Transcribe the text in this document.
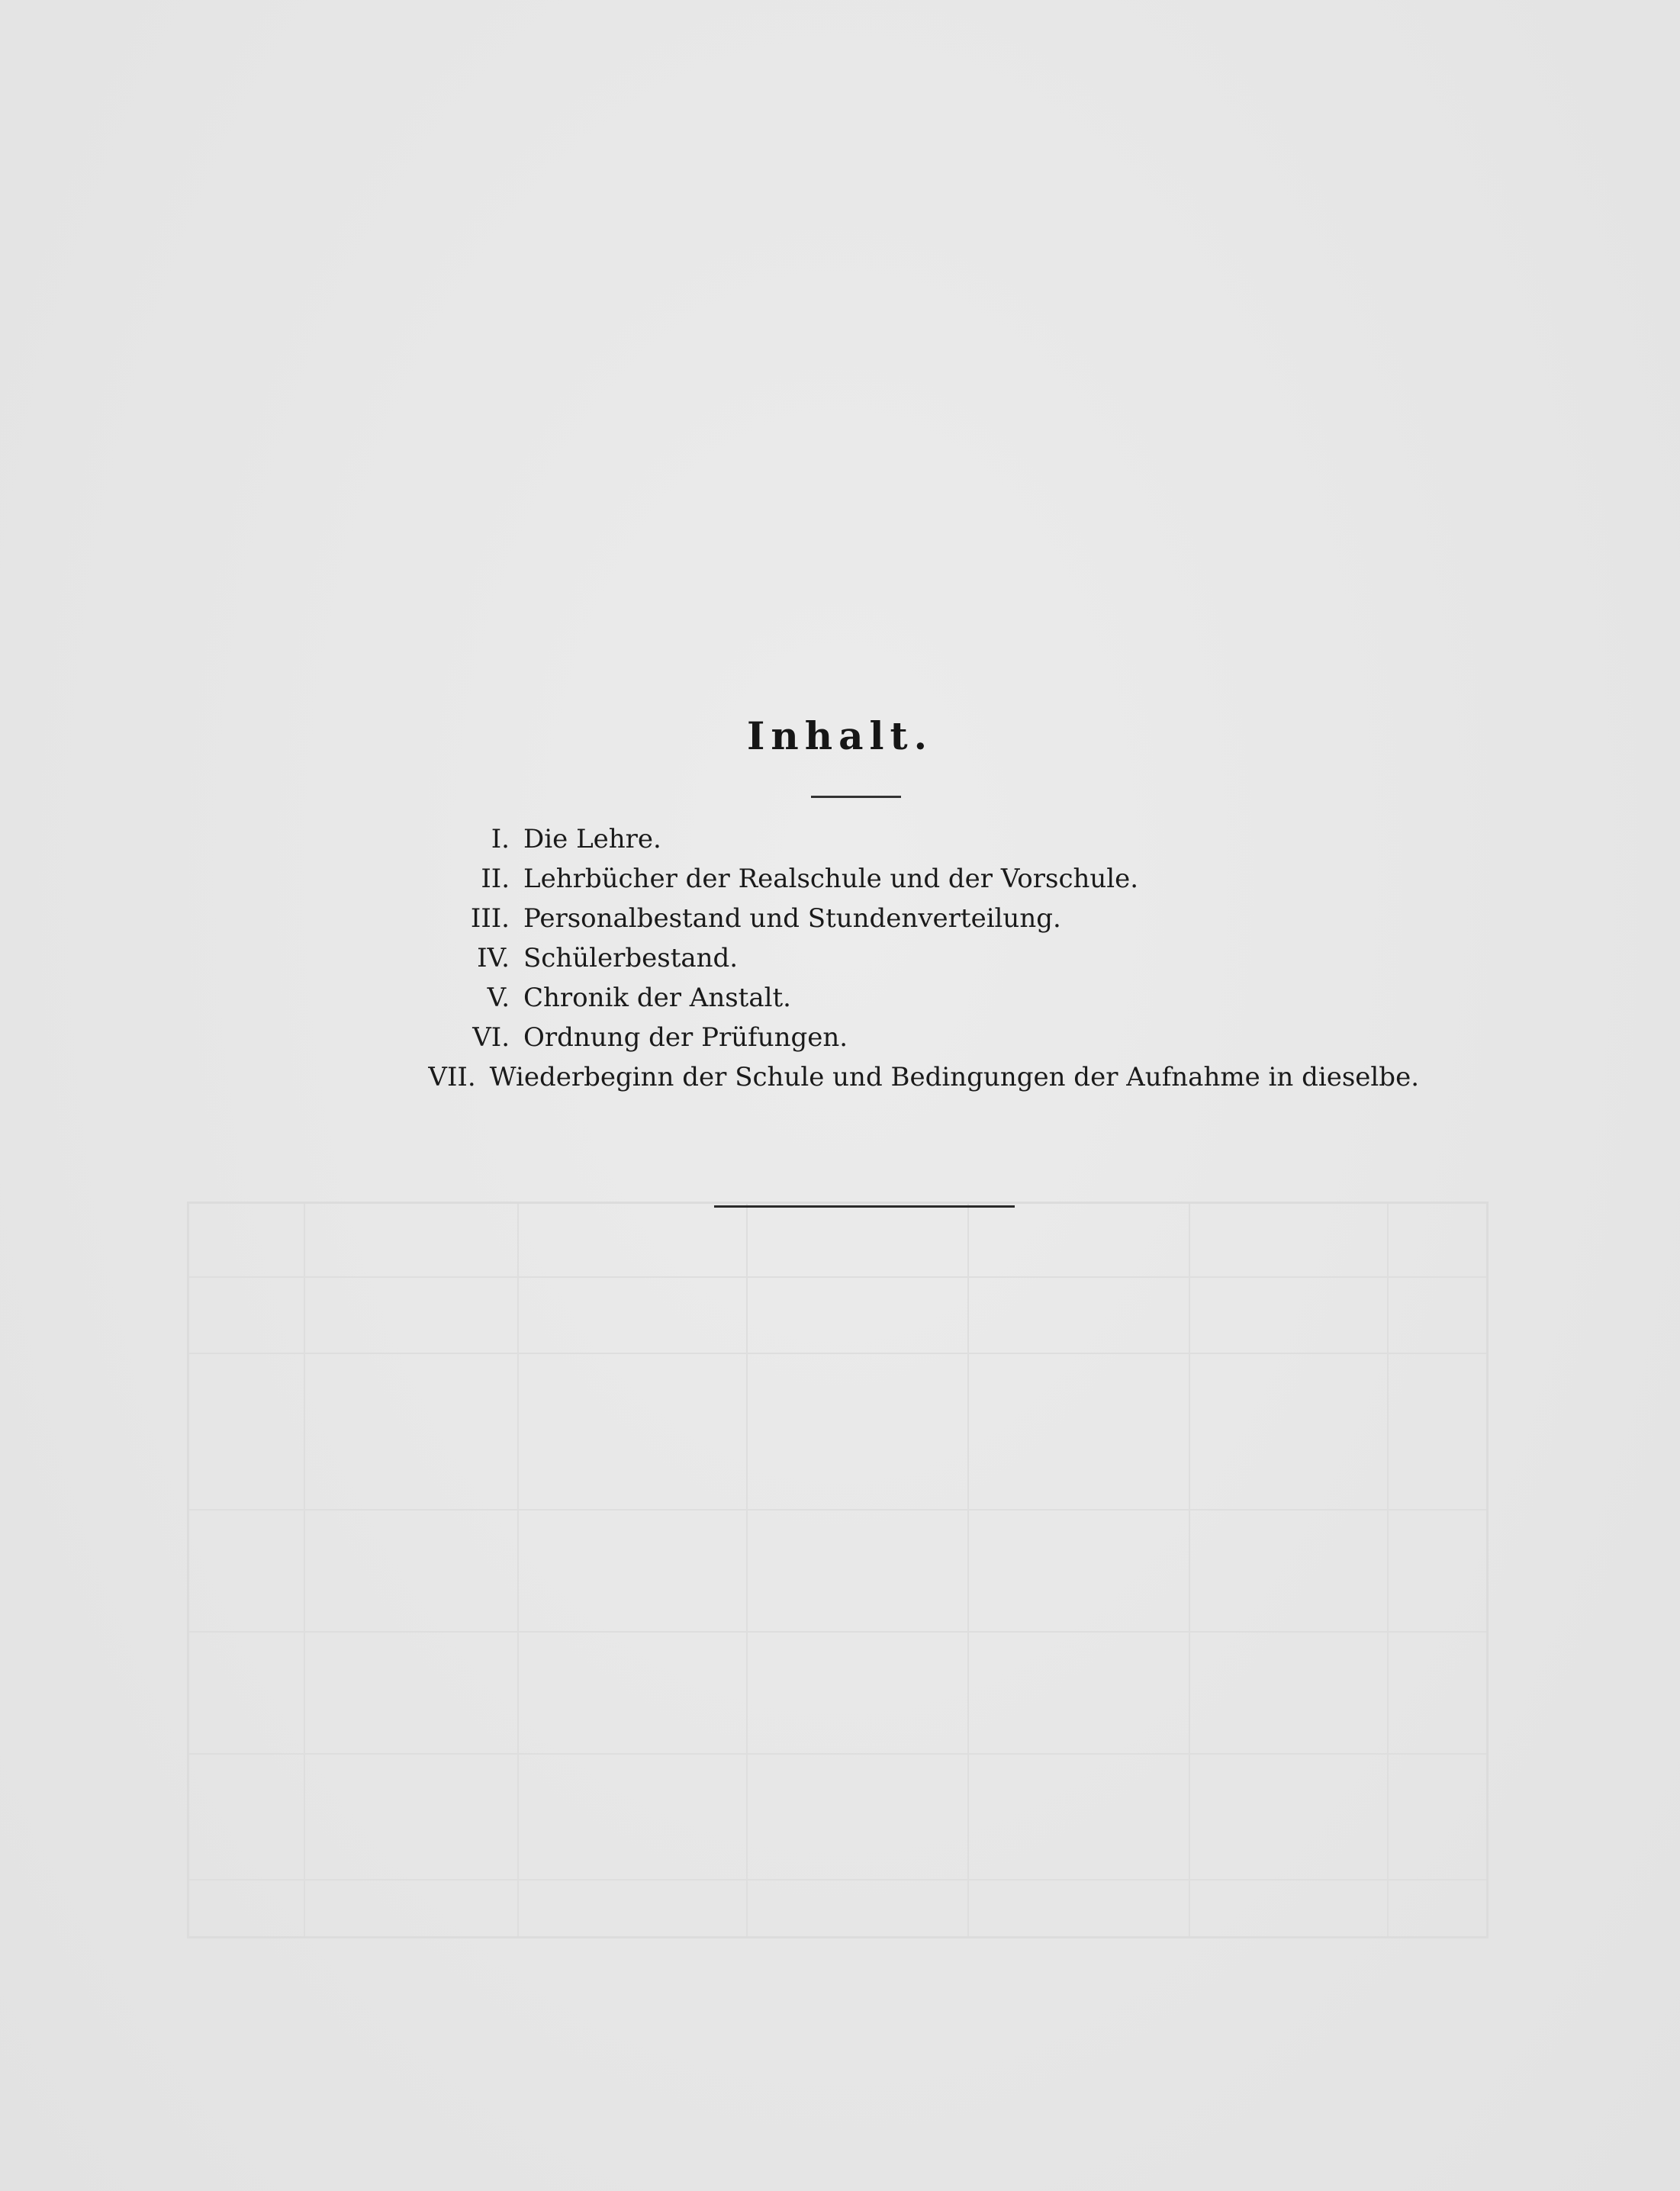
Inhalt.
I. Die Lehre.
II. Lehrbücher der Realschule und der Vorschule.
III. Personalbestand und Stundenverteilung.
IV. Schülerbestand.
V. Chronik der Anstalt.
VI. Ordnung der Prüfungen.
VII. Wiederbeginn der Schule und Bedingungen der Aufnahme in dieselbe.
